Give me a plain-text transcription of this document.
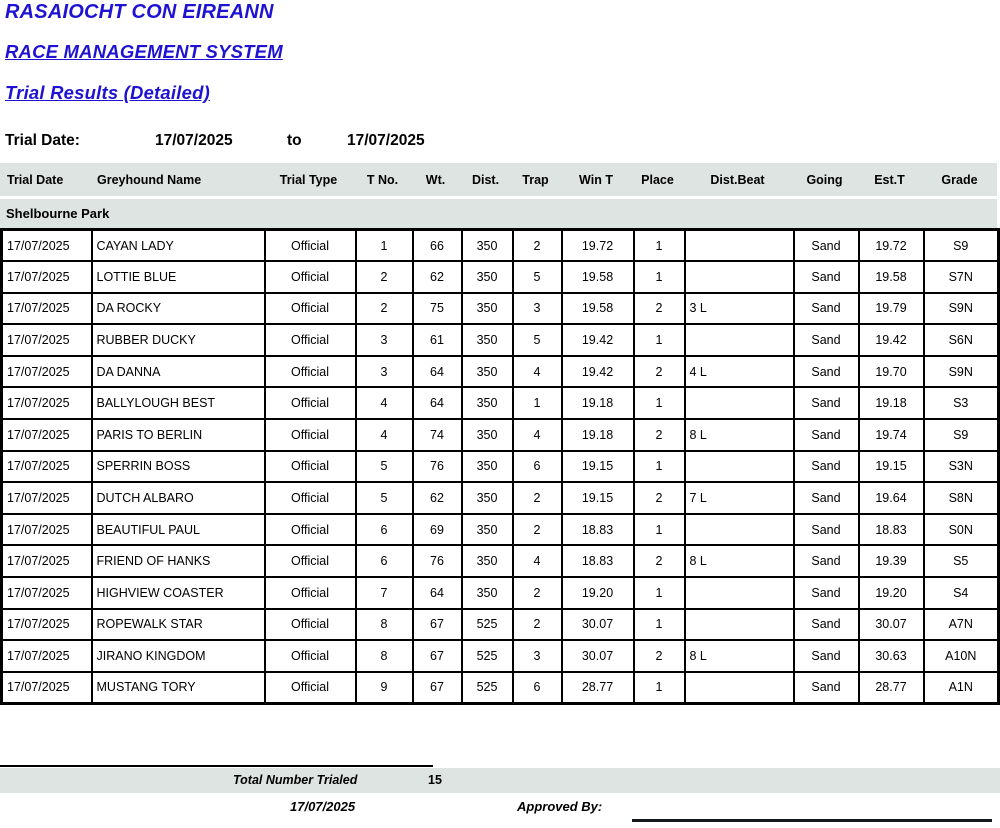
RASAIOCHT CON EIREANN
RACE MANAGEMENT SYSTEM
Trial Results (Detailed)
Trial Date:	17/07/2025	to	17/07/2025
Trial Date	Greyhound Name	Trial Type	T No.	Wt.	Dist.	Trap	Win T	Place	Dist.Beat	Going	Est.T	Grade
Shelbourne Park
17/07/2025	CAYAN LADY	Official	1	66	350	2	19.72	1		Sand	19.72	S9
17/07/2025	LOTTIE BLUE	Official	2	62	350	5	19.58	1		Sand	19.58	S7N
17/07/2025	DA ROCKY	Official	2	75	350	3	19.58	2	3 L	Sand	19.79	S9N
17/07/2025	RUBBER DUCKY	Official	3	61	350	5	19.42	1		Sand	19.42	S6N
17/07/2025	DA DANNA	Official	3	64	350	4	19.42	2	4 L	Sand	19.70	S9N
17/07/2025	BALLYLOUGH BEST	Official	4	64	350	1	19.18	1		Sand	19.18	S3
17/07/2025	PARIS TO BERLIN	Official	4	74	350	4	19.18	2	8 L	Sand	19.74	S9
17/07/2025	SPERRIN BOSS	Official	5	76	350	6	19.15	1		Sand	19.15	S3N
17/07/2025	DUTCH ALBARO	Official	5	62	350	2	19.15	2	7 L	Sand	19.64	S8N
17/07/2025	BEAUTIFUL PAUL	Official	6	69	350	2	18.83	1		Sand	18.83	S0N
17/07/2025	FRIEND OF HANKS	Official	6	76	350	4	18.83	2	8 L	Sand	19.39	S5
17/07/2025	HIGHVIEW COASTER	Official	7	64	350	2	19.20	1		Sand	19.20	S4
17/07/2025	ROPEWALK STAR	Official	8	67	525	2	30.07	1		Sand	30.07	A7N
17/07/2025	JIRANO KINGDOM	Official	8	67	525	3	30.07	2	8 L	Sand	30.63	A10N
17/07/2025	MUSTANG TORY	Official	9	67	525	6	28.77	1		Sand	28.77	A1N
Total Number Trialed	15
17/07/2025	Approved By:
